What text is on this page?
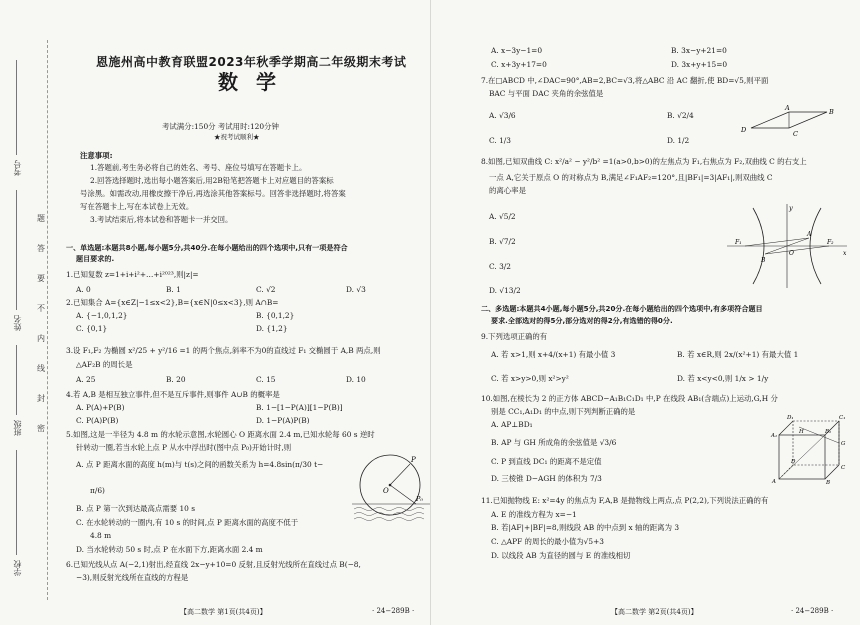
考号
姓名
班级
学校
题
答
要
不
内
线
封
密
恩施州高中教育联盟2023年秋季学期高二年级期末考试
数学
考试满分:150分 考试用时:120分钟
★祝考试顺利★
注意事项:
1.答题前,考生务必将自己的姓名、考号、座位号填写在答题卡上。
2.回答选择题时,选出每小题答案后,用2B铅笔把答题卡上对应题目的答案标
号涂黑。如需改动,用橡皮擦干净后,再选涂其他答案标号。回答非选择题时,将答案
写在答题卡上,写在本试卷上无效。
3.考试结束后,将本试卷和答题卡一并交回。
一、单选题:本题共8小题,每小题5分,共40分.在每小题给出的四个选项中,只有一项是符合
题目要求的.
1.已知复数 z=1+i+i²+…+i²⁰²³,则|z|=
A. 0	B. 1	C. √2	D. √3
2.已知集合 A={x∈Z|−1≤x<2},B={x∈N|0≤x<3},则 A∩B=
A. {−1,0,1,2}	B. {0,1,2}
C. {0,1}	D. {1,2}
3.设 F₁,F₂ 为椭圆 x²/25 + y²/16 =1 的两个焦点,斜率不为0的直线过 F₁ 交椭圆于 A,B 两点,则
△AF₂B 的周长是
A. 25	B. 20	C. 15	D. 10
4.若 A,B 是相互独立事件,但不是互斥事件,则事件 A∪B 的概率是
A. P(A)+P(B)	B. 1−[1−P(A)][1−P(B)]
C. P(A)P(B)	D. 1−P(A)P(B)
5.如图,这是一半径为 4.8 m 的水轮示意图,水轮圆心 O 距离水面 2.4 m,已知水轮每 60 s 逆时
针转动一圈,若当水轮上点 P 从水中浮出时(图中点 P₀)开始计时,则
A. 点 P 距离水面的高度 h(m)与 t(s)之间的函数关系为 h=4.8sin(π/30 t−
π/6)
B. 点 P 第一次到达最高点需要 10 s
C. 在水轮转动的一圈内,有 10 s 的时间,点 P 距离水面的高度不低于
4.8 m
D. 当水轮转动 50 s 时,点 P 在水面下方,距离水面 2.4 m
P
O
P₀
6.已知光线从点 A(−2,1)射出,经直线 2x−y+10=0 反射,且反射光线所在直线过点 B(−8,
−3),则反射光线所在直线的方程是
【高二数学 第1页(共4页)】	· 24−289B ·
A. x−3y−1=0	B. 3x−y+21=0
C. x+3y+17=0	D. 3x+y+15=0
7.在□ABCD 中,∠DAC=90°,AB=2,BC=√3,将△ABC 沿 AC 翻折,使 BD=√5,则平面
BAC 与平面 DAC 夹角的余弦值是
A. √3/6	B. √2/4
C. 1/3	D. 1/2
D
A	B
C
8.如图,已知双曲线 C: x²/a² − y²/b² =1(a>0,b>0)的左焦点为 F₁,右焦点为 F₂,双曲线 C 的右支上
一点 A,它关于原点 O 的对称点为 B,满足∠F₁AF₂=120°,且|BF₁|=3|AF₁|,则双曲线 C
的离心率是
A. √5/2
B. √7/2
C. 3/2
D. √13/2
y
F₁	F₂
B
A
O	x
二、多选题:本题共4小题,每小题5分,共20分.在每小题给出的四个选项中,有多项符合题目
要求.全部选对的得5分,部分选对的得2分,有选错的得0分.
9.下列选项正确的有
A. 若 x>1,则 x+4/(x+1) 有最小值 3	B. 若 x∈R,则 2x/(x²+1) 有最大值 1
C. 若 x>y>0,则 x²>y²	D. 若 x<y<0,则 1/x > 1/y
10.如图,在棱长为 2 的正方体 ABCD−A₁B₁C₁D₁ 中,P 在线段 AB₁(含端点)上运动,G,H 分
别是 CC₁,A₁D₁ 的中点,则下列判断正确的是
A. AP⊥BD₁
B. AP 与 GH 所成角的余弦值是 √3/6
C. P 到直线 DC₁ 的距离不是定值
D. 三棱锥 D−AGH 的体积为 7/3
D₁	C₁
A₁
B₁
H
G
D
C
A	B
11.已知抛物线 E: x²=4y 的焦点为 F,A,B 是抛物线上两点,点 P(2,2),下列说法正确的有
A. E 的准线方程为 x=−1
B. 若|AF|+|BF|=8,则线段 AB 的中点到 x 轴的距离为 3
C. △APF 的周长的最小值为√5+3
D. 以线段 AB 为直径的圆与 E 的准线相切
【高二数学 第2页(共4页)】	· 24−289B ·
